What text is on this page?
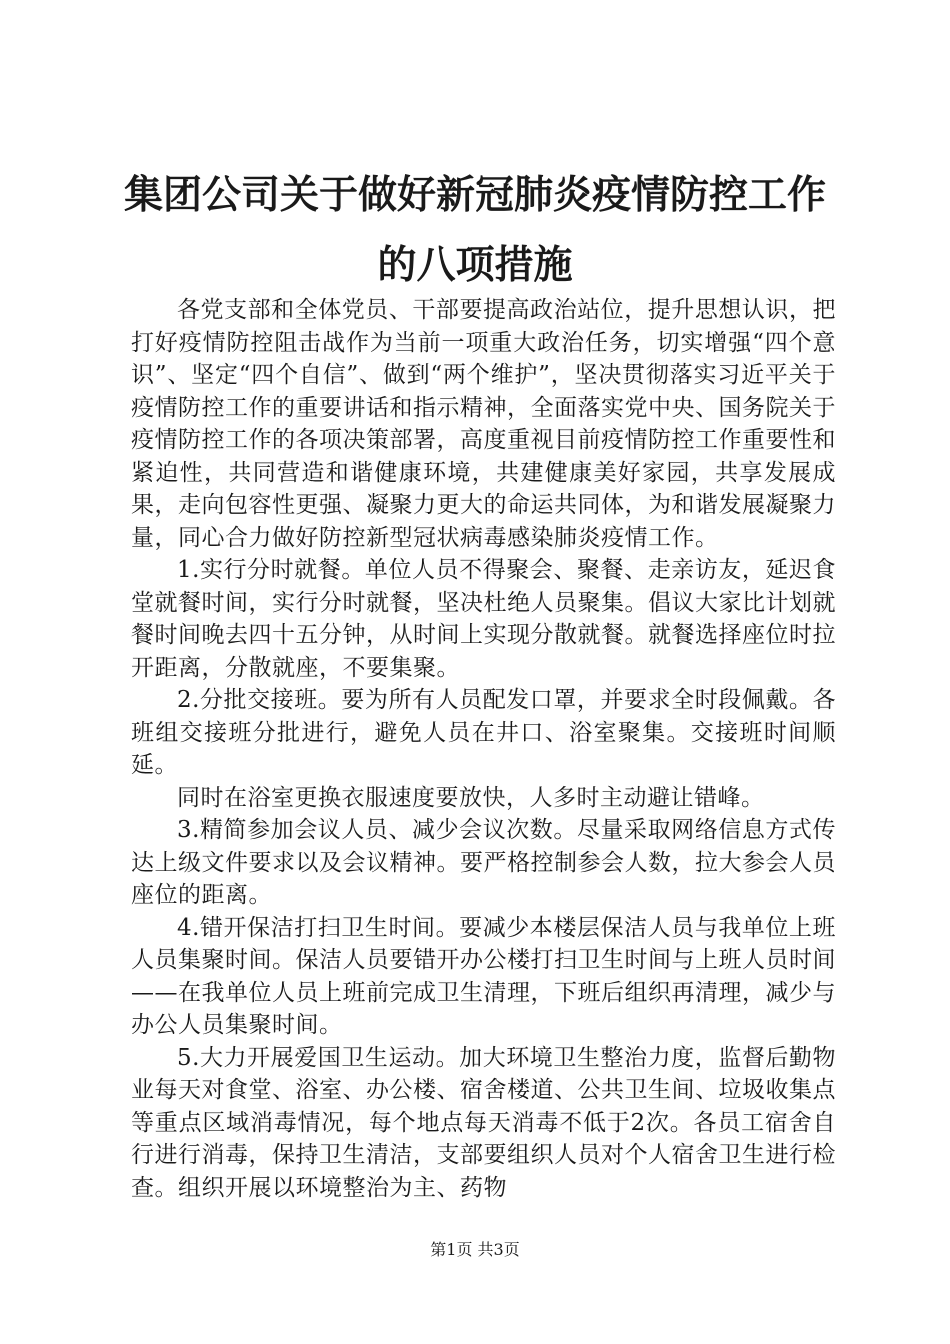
集团公司关于做好新冠肺炎疫情防控工作的八项措施

各党支部和全体党员、干部要提高政治站位，提升思想认识，把打好疫情防控阻击战作为当前一项重大政治任务，切实增强“四个意识”、坚定“四个自信”、做到“两个维护”，坚决贯彻落实习近平关于疫情防控工作的重要讲话和指示精神，全面落实党中央、国务院关于疫情防控工作的各项决策部署，高度重视目前疫情防控工作重要性和紧迫性，共同营造和谐健康环境，共建健康美好家园，共享发展成果，走向包容性更强、凝聚力更大的命运共同体，为和谐发展凝聚力量，同心合力做好防控新型冠状病毒感染肺炎疫情工作。

1.实行分时就餐。单位人员不得聚会、聚餐、走亲访友，延迟食堂就餐时间，实行分时就餐，坚决杜绝人员聚集。倡议大家比计划就餐时间晚去四十五分钟，从时间上实现分散就餐。就餐选择座位时拉开距离，分散就座，不要集聚。

2.分批交接班。要为所有人员配发口罩，并要求全时段佩戴。各班组交接班分批进行，避免人员在井口、浴室聚集。交接班时间顺延。

同时在浴室更换衣服速度要放快，人多时主动避让错峰。

3.精简参加会议人员、减少会议次数。尽量采取网络信息方式传达上级文件要求以及会议精神。要严格控制参会人数，拉大参会人员座位的距离。

4.错开保洁打扫卫生时间。要减少本楼层保洁人员与我单位上班人员集聚时间。保洁人员要错开办公楼打扫卫生时间与上班人员时间——在我单位人员上班前完成卫生清理，下班后组织再清理，减少与办公人员集聚时间。

5.大力开展爱国卫生运动。加大环境卫生整治力度，监督后勤物业每天对食堂、浴室、办公楼、宿舍楼道、公共卫生间、垃圾收集点等重点区域消毒情况，每个地点每天消毒不低于2次。各员工宿舍自行进行消毒，保持卫生清洁，支部要组织人员对个人宿舍卫生进行检查。组织开展以环境整治为主、药物

第1页 共3页
